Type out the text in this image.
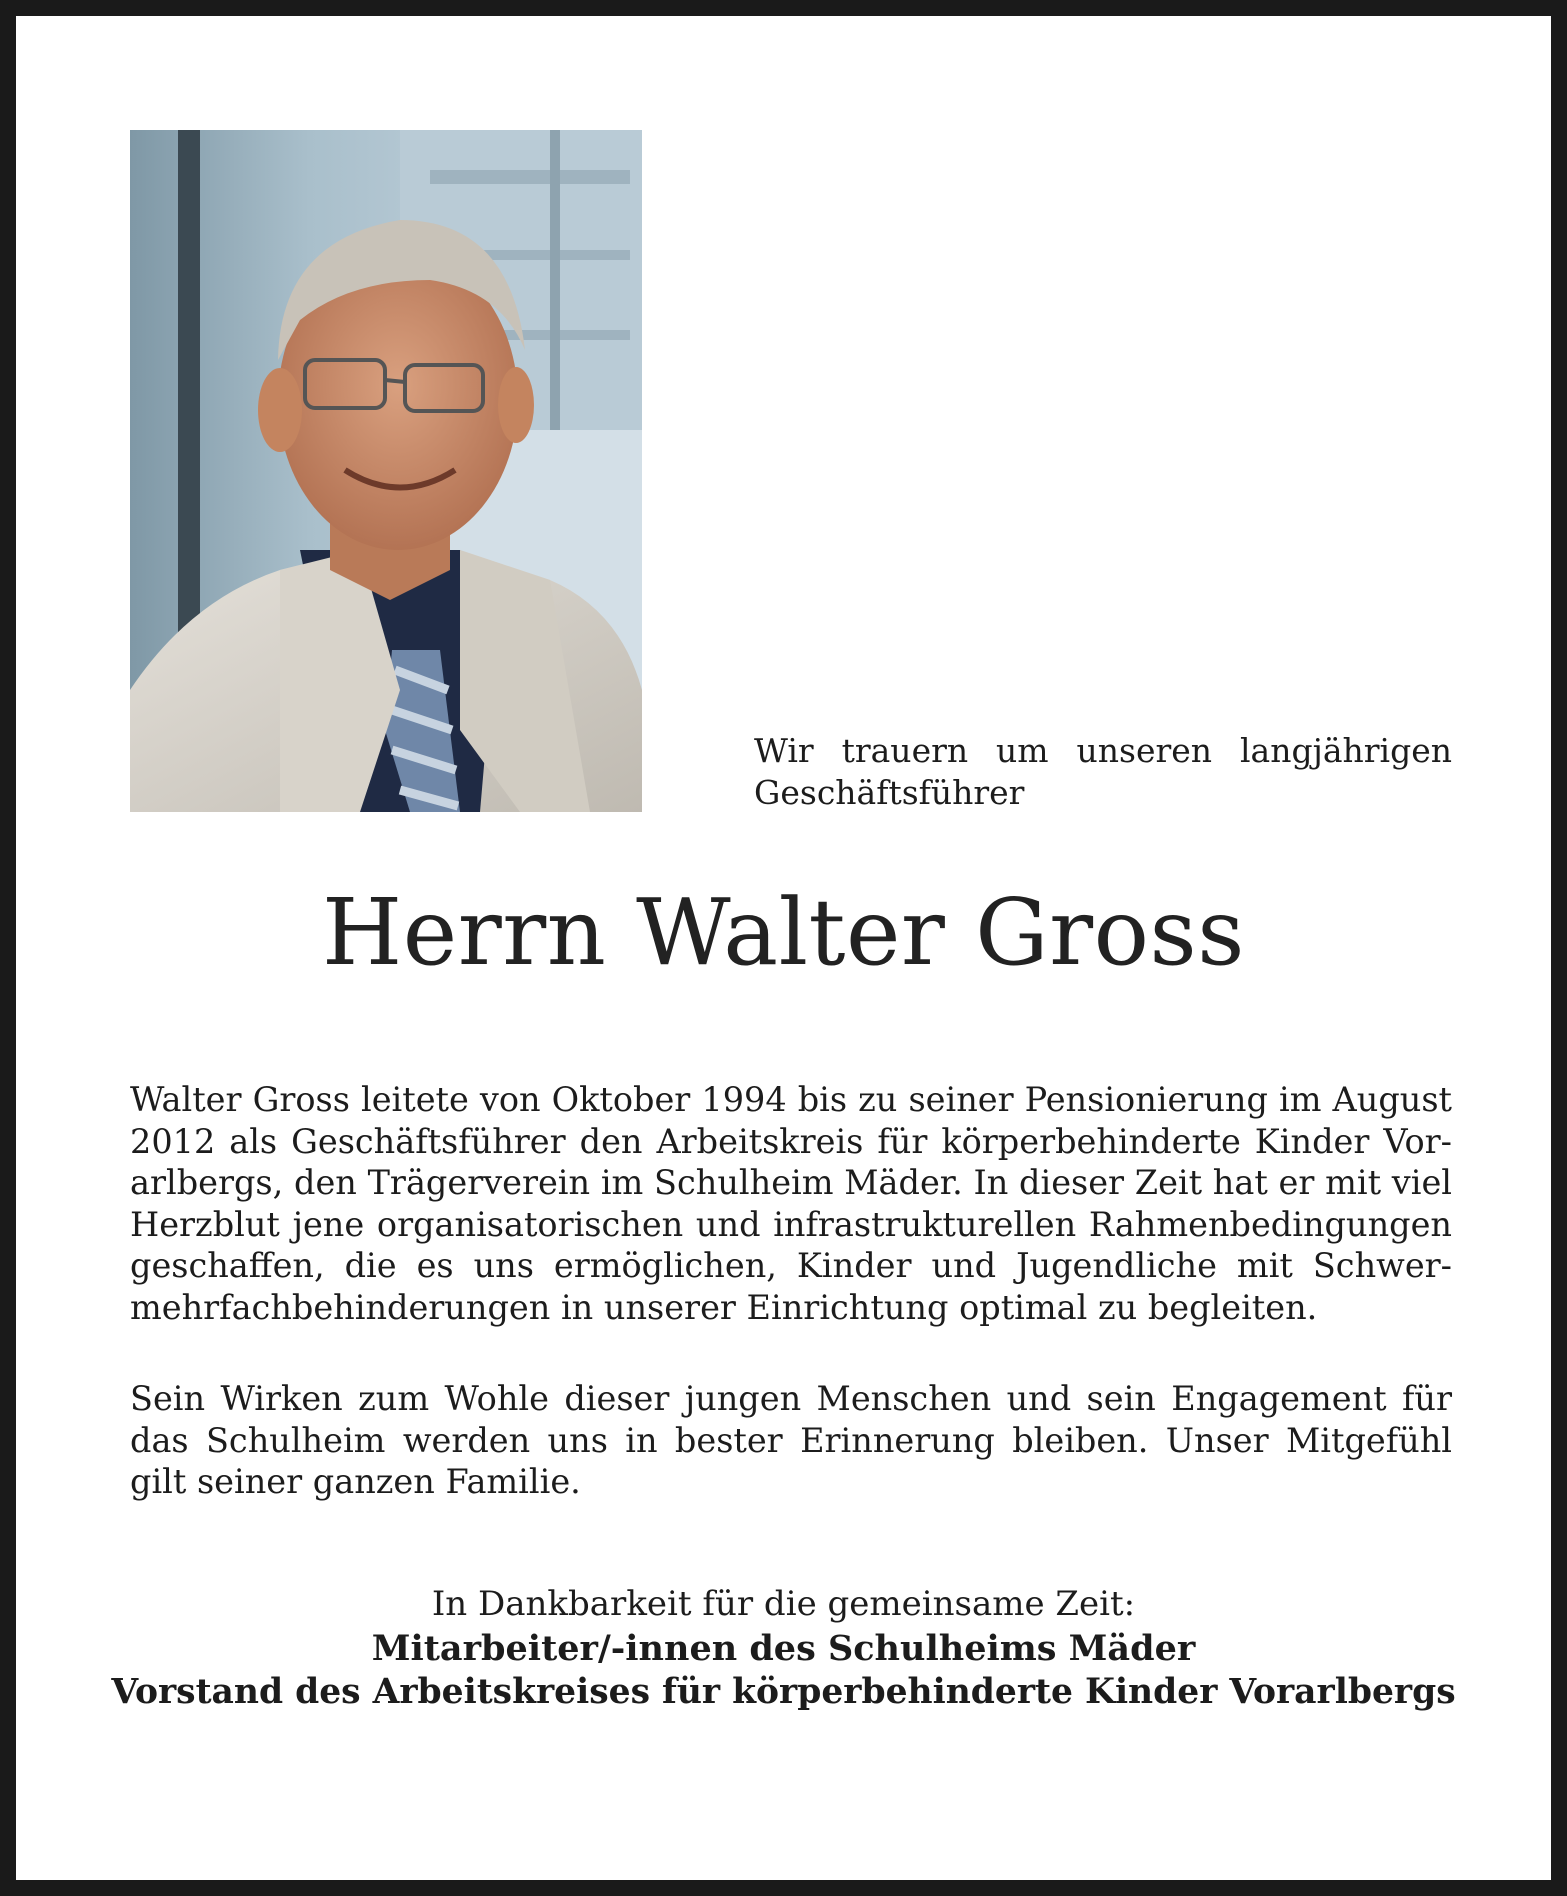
Wir trauern um unseren langjährigen Geschäftsführer
Herrn Walter Gross
Walter Gross leitete von Oktober 1994 bis zu seiner Pensionierung im August 2012 als Geschäftsführer den Arbeitskreis für körperbehinderte Kinder Vorarlbergs, den Trägerverein im Schulheim Mäder. In dieser Zeit hat er mit viel Herzblut jene organisatorischen und infrastrukturellen Rahmenbedingungen geschaffen, die es uns ermöglichen, Kinder und Jugendliche mit Schwermehrfachbehinderungen in unserer Einrichtung optimal zu begleiten.
Sein Wirken zum Wohle dieser jungen Menschen und sein Engagement für das Schulheim werden uns in bester Erinnerung bleiben. Unser Mitgefühl gilt seiner ganzen Familie.
In Dankbarkeit für die gemeinsame Zeit:
Mitarbeiter/-innen des Schulheims Mäder
Vorstand des Arbeitskreises für körperbehinderte Kinder Vorarlbergs
